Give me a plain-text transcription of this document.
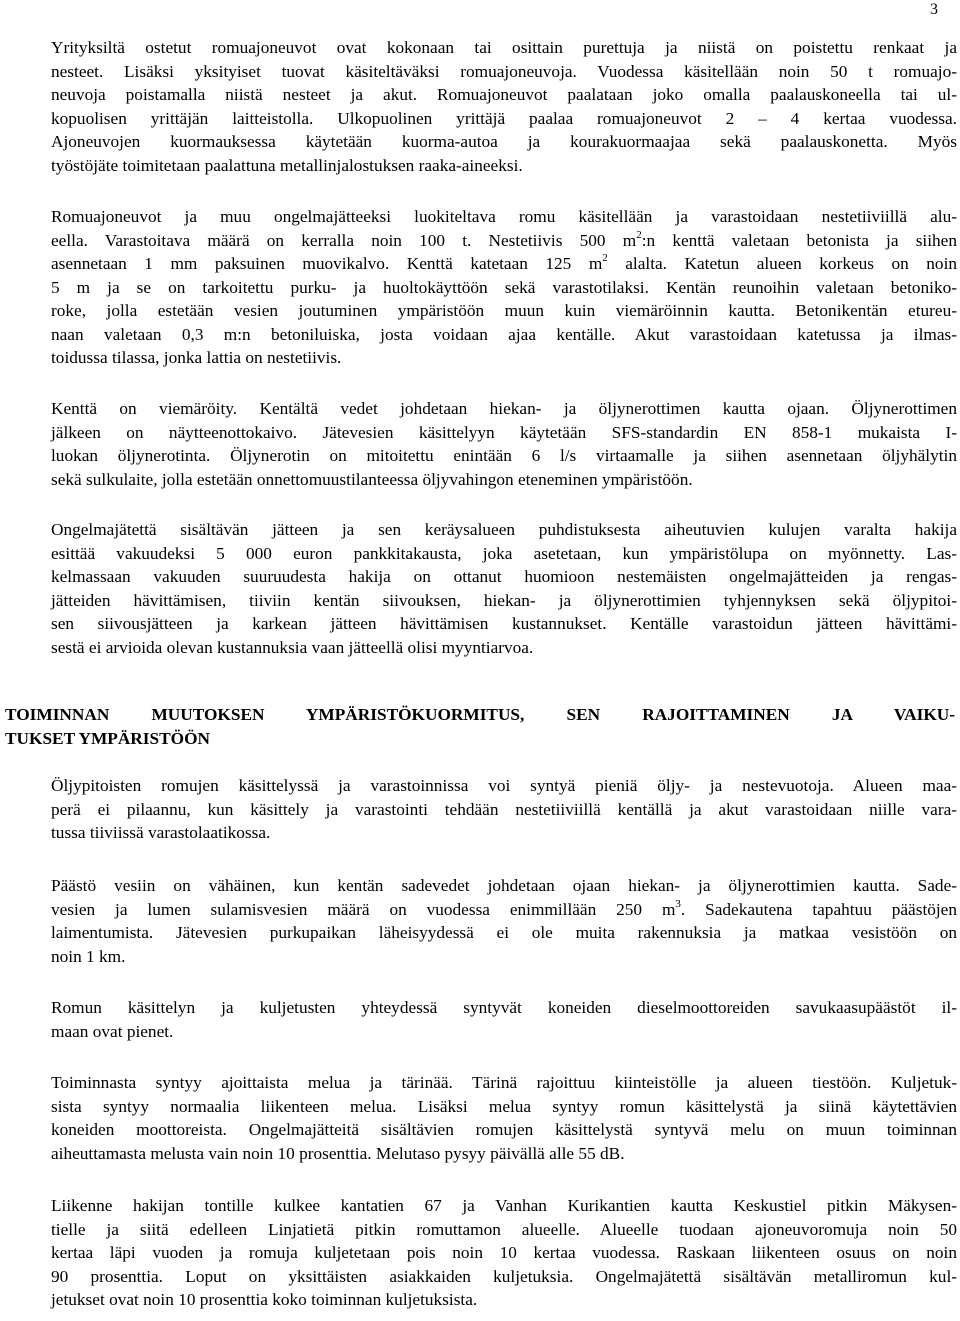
3
Yrityksiltä ostetut romuajoneuvot ovat kokonaan tai osittain purettuja ja niistä on poistettu renkaat ja
nesteet. Lisäksi yksityiset tuovat käsiteltäväksi romuajoneuvoja. Vuodessa käsitellään noin 50 t romuajo-
neuvoja poistamalla niistä nesteet ja akut. Romuajoneuvot paalataan joko omalla paalauskoneella tai ul-
kopuolisen yrittäjän laitteistolla. Ulkopuolinen yrittäjä paalaa romuajoneuvot 2 – 4 kertaa vuodessa.
Ajoneuvojen kuormauksessa käytetään kuorma-autoa ja kourakuormaajaa sekä paalauskonetta. Myös
työstöjäte toimitetaan paalattuna metallinjalostuksen raaka-aineeksi.
Romuajoneuvot ja muu ongelmajätteeksi luokiteltava romu käsitellään ja varastoidaan nestetiiviillä alu-
eella. Varastoitava määrä on kerralla noin 100 t. Nestetiivis 500 $m^2:n$ kenttä valetaan betonista ja siihen
asennetaan 1 mm paksuinen muovikalvo. Kenttä katetaan 125 $m^2$ alalta. Katetun alueen korkeus on noin
5 m ja se on tarkoitettu purku- ja huoltokäyttöön sekä varastotilaksi. Kentän reunoihin valetaan betoniko-
roke, jolla estetään vesien joutuminen ympäristöön muun kuin viemäröinnin kautta. Betonikentän etureu-
naan valetaan 0,3 m:n betoniluiska, josta voidaan ajaa kentälle. Akut varastoidaan katetussa ja ilmas-
toidussa tilassa, jonka lattia on nestetiivis.
Kenttä on viemäröity. Kentältä vedet johdetaan hiekan- ja öljynerottimen kautta ojaan. Öljynerottimen
jälkeen on näytteenottokaivo. Jätevesien käsittelyyn käytetään SFS-standardin EN 858-1 mukaista I-
luokan öljynerotinta. Öljynerotin on mitoitettu enintään 6 l/s virtaamalle ja siihen asennetaan öljyhälytin
sekä sulkulaite, jolla estetään onnettomuustilanteessa öljyvahingon eteneminen ympäristöön.
Ongelmajätettä sisältävän jätteen ja sen keräysalueen puhdistuksesta aiheutuvien kulujen varalta hakija
esittää vakuudeksi 5 000 euron pankkitakausta, joka asetetaan, kun ympäristölupa on myönnetty. Las-
kelmassaan vakuuden suuruudesta hakija on ottanut huomioon nestemäisten ongelmajätteiden ja rengas-
jätteiden hävittämisen, tiiviin kentän siivouksen, hiekan- ja öljynerottimien tyhjennyksen sekä öljypitoi-
sen siivousjätteen ja karkean jätteen hävittämisen kustannukset. Kentälle varastoidun jätteen hävittämi-
sestä ei arvioida olevan kustannuksia vaan jätteellä olisi myyntiarvoa.
TOIMINNAN MUUTOKSEN YMPÄRISTÖKUORMITUS, SEN RAJOITTAMINEN JA VAIKU-
TUKSET YMPÄRISTÖÖN
Öljypitoisten romujen käsittelyssä ja varastoinnissa voi syntyä pieniä öljy- ja nestevuotoja. Alueen maa-
perä ei pilaannu, kun käsittely ja varastointi tehdään nestetiiviillä kentällä ja akut varastoidaan niille vara-
tussa tiiviissä varastolaatikossa.
Päästö vesiin on vähäinen, kun kentän sadevedet johdetaan ojaan hiekan- ja öljynerottimien kautta. Sade-
vesien ja lumen sulamisvesien määrä on vuodessa enimmillään 250 $m^3$. Sadekautena tapahtuu päästöjen
laimentumista. Jätevesien purkupaikan läheisyydessä ei ole muita rakennuksia ja matkaa vesistöön on
noin 1 km.
Romun käsittelyn ja kuljetusten yhteydessä syntyvät koneiden dieselmoottoreiden savukaasupäästöt il-
maan ovat pienet.
Toiminnasta syntyy ajoittaista melua ja tärinää. Tärinä rajoittuu kiinteistölle ja alueen tiestöön. Kuljetuk-
sista syntyy normaalia liikenteen melua. Lisäksi melua syntyy romun käsittelystä ja siinä käytettävien
koneiden moottoreista. Ongelmajätteitä sisältävien romujen käsittelystä syntyvä melu on muun toiminnan
aiheuttamasta melusta vain noin 10 prosenttia. Melutaso pysyy päivällä alle 55 dB.
Liikenne hakijan tontille kulkee kantatien 67 ja Vanhan Kurikantien kautta Keskustiel pitkin Mäkysen-
tielle ja siitä edelleen Linjatietä pitkin romuttamon alueelle. Alueelle tuodaan ajoneuvoromuja noin 50
kertaa läpi vuoden ja romuja kuljetetaan pois noin 10 kertaa vuodessa. Raskaan liikenteen osuus on noin
90 prosenttia. Loput on yksittäisten asiakkaiden kuljetuksia. Ongelmajätettä sisältävän metalliromun kul-
jetukset ovat noin 10 prosenttia koko toiminnan kuljetuksista.
